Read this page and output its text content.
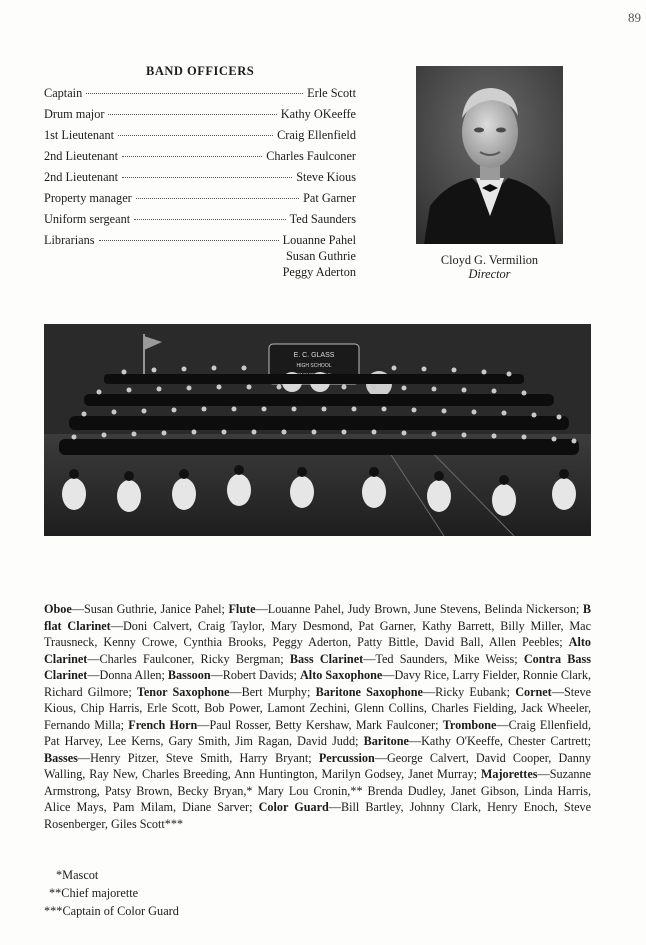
89
BAND OFFICERS
Captain	Erle Scott
Drum major	Kathy OKeeffe
1st Lieutenant	Craig Ellenfield
2nd Lieutenant	Charles Faulconer
2nd Lieutenant	Steve Kious
Property manager	Pat Garner
Uniform sergeant	Ted Saunders
Librarians	Louanne Pahel
Susan Guthrie
Peggy Aderton
Cloyd G. Vermilion
Director
E. C. GLASS
HIGH SCHOOL
Oboe—Susan Guthrie, Janice Pahel; Flute—Louanne Pahel, Judy Brown, June Stevens, Belinda Nickerson; B flat Clarinet—Doni Calvert, Craig Taylor, Mary Desmond, Pat Garner, Kathy Barrett, Billy Miller, Mac Trausneck, Kenny Crowe, Cynthia Brooks, Peggy Aderton, Patty Bittle, David Ball, Allen Peebles; Alto Clarinet—Charles Faulconer, Ricky Bergman; Bass Clarinet—Ted Saunders, Mike Weiss; Contra Bass Clarinet—Donna Allen; Bassoon—Robert Davids; Alto Saxophone—Davy Rice, Larry Fielder, Ronnie Clark, Richard Gilmore; Tenor Saxophone—Bert Murphy; Baritone Saxophone—Ricky Eubank; Cornet—Steve Kious, Chip Harris, Erle Scott, Bob Power, Lamont Zechini, Glenn Collins, Charles Fielding, Jack Wheeler, Fernando Milla; French Horn—Paul Rosser, Betty Kershaw, Mark Faulconer; Trombone—Craig Ellenfield, Pat Harvey, Lee Kerns, Gary Smith, Jim Ragan, David Judd; Baritone—Kathy O'Keeffe, Chester Cartrett; Basses—Henry Pitzer, Steve Smith, Harry Bryant; Percussion—George Calvert, David Cooper, Danny Walling, Ray New, Charles Breeding, Ann Huntington, Marilyn Godsey, Janet Murray; Majorettes—Suzanne Armstrong, Patsy Brown, Becky Bryan,* Mary Lou Cronin,** Brenda Dudley, Janet Gibson, Linda Harris, Alice Mays, Pam Milam, Diane Sarver; Color Guard—Bill Bartley, Johnny Clark, Henry Enoch, Steve Rosenberger, Giles Scott***
*Mascot
**Chief majorette
***Captain of Color Guard
